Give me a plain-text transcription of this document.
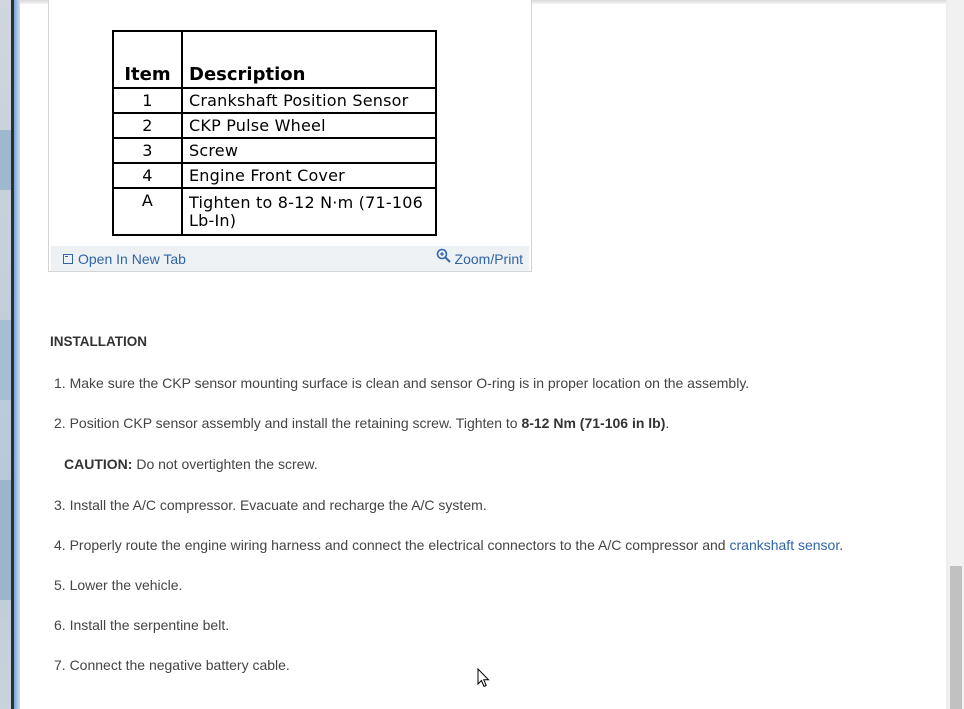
Item	Description
1	Crankshaft Position Sensor
2	CKP Pulse Wheel
3	Screw
4	Engine Front Cover
A	Tighten to 8-12 N·m (71-106 Lb-In)
Open In New Tab	Zoom/Print
INSTALLATION
1. Make sure the CKP sensor mounting surface is clean and sensor O-ring is in proper location on the assembly.
2. Position CKP sensor assembly and install the retaining screw. Tighten to 8-12 Nm (71-106 in lb).
CAUTION: Do not overtighten the screw.
3. Install the A/C compressor. Evacuate and recharge the A/C system.
4. Properly route the engine wiring harness and connect the electrical connectors to the A/C compressor and crankshaft sensor.
5. Lower the vehicle.
6. Install the serpentine belt.
7. Connect the negative battery cable.
